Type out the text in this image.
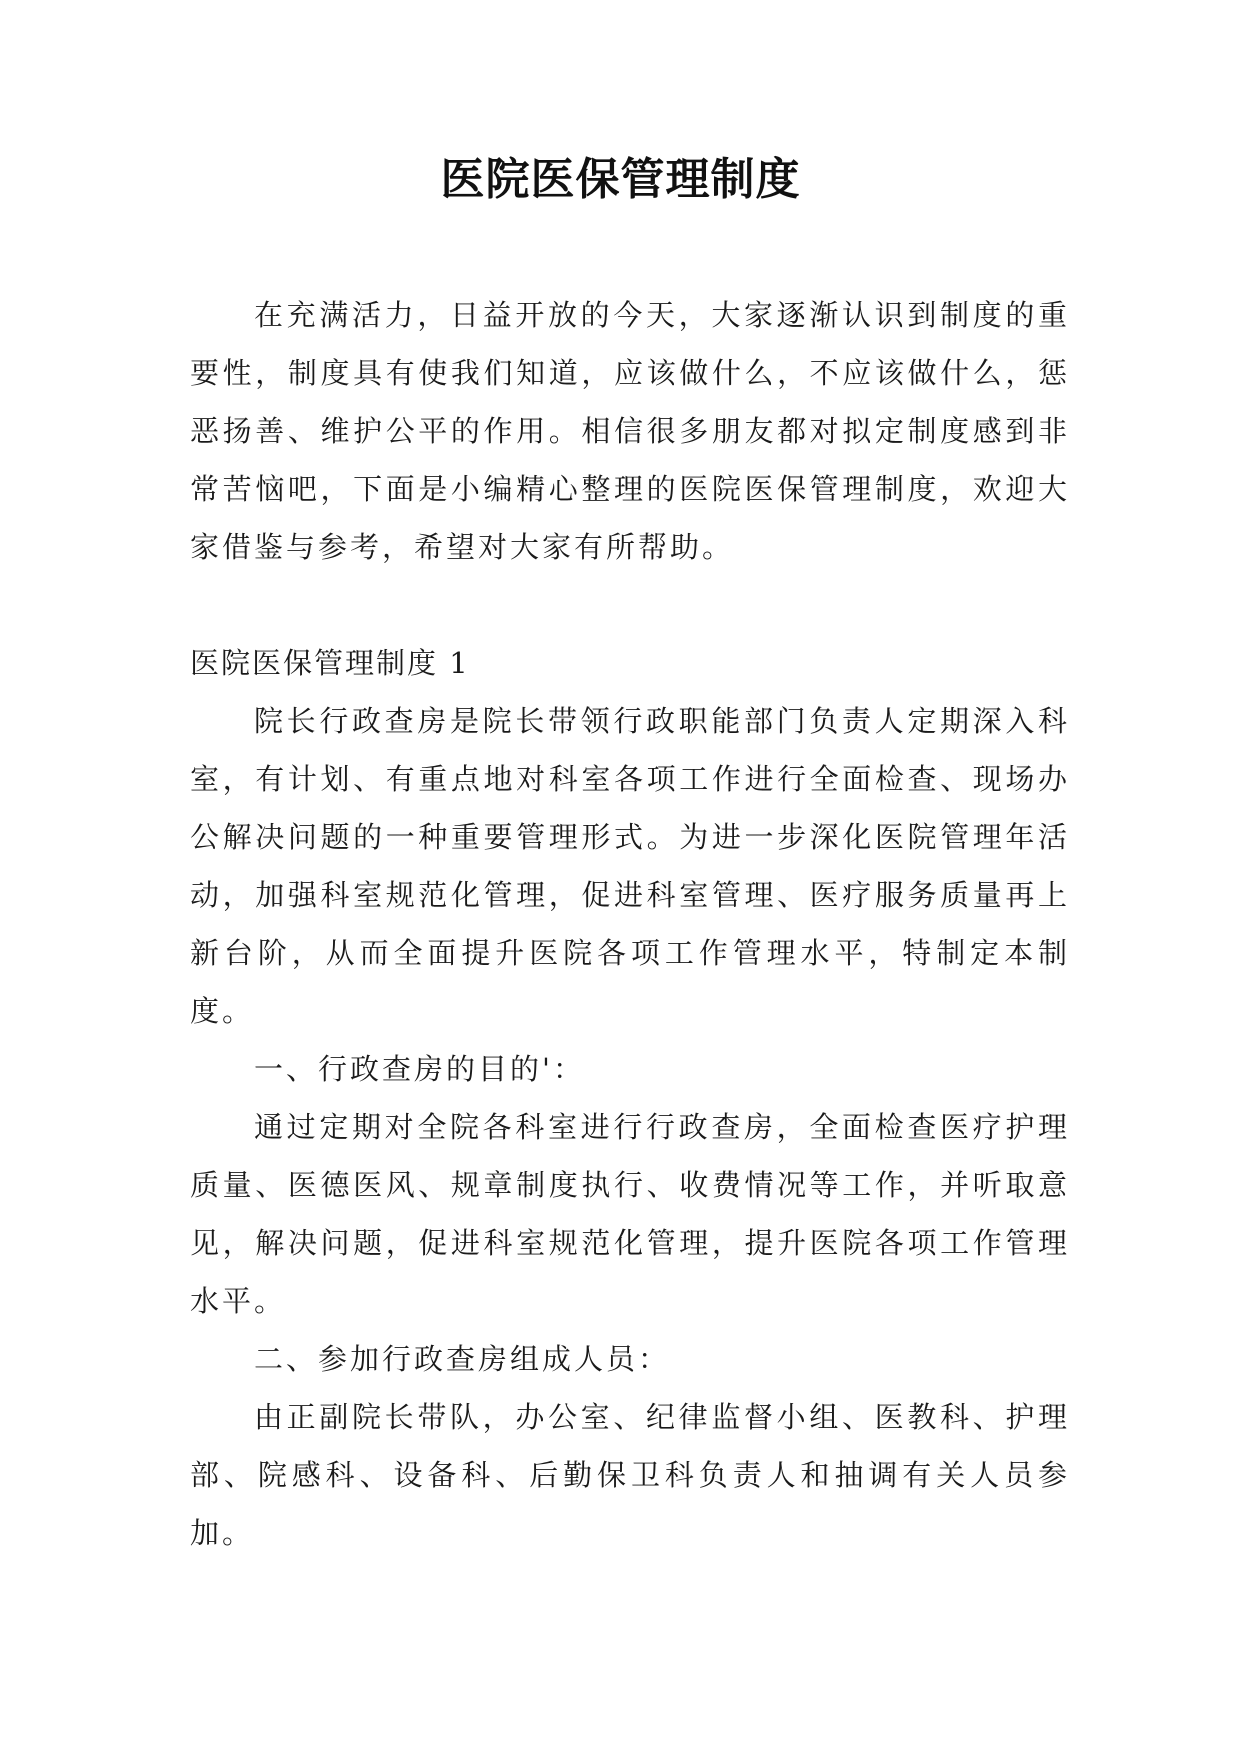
医院医保管理制度

在充满活力，日益开放的今天，大家逐渐认识到制度的重要性，制度具有使我们知道，应该做什么，不应该做什么，惩恶扬善、维护公平的作用。相信很多朋友都对拟定制度感到非常苦恼吧，下面是小编精心整理的医院医保管理制度，欢迎大家借鉴与参考，希望对大家有所帮助。

医院医保管理制度 1

院长行政查房是院长带领行政职能部门负责人定期深入科室，有计划、有重点地对科室各项工作进行全面检查、现场办公解决问题的一种重要管理形式。为进一步深化医院管理年活动，加强科室规范化管理，促进科室管理、医疗服务质量再上新台阶，从而全面提升医院各项工作管理水平，特制定本制度。

一、行政查房的目的'：

通过定期对全院各科室进行行政查房，全面检查医疗护理质量、医德医风、规章制度执行、收费情况等工作，并听取意见，解决问题，促进科室规范化管理，提升医院各项工作管理水平。

二、参加行政查房组成人员：

由正副院长带队，办公室、纪律监督小组、医教科、护理部、院感科、设备科、后勤保卫科负责人和抽调有关人员参加。
